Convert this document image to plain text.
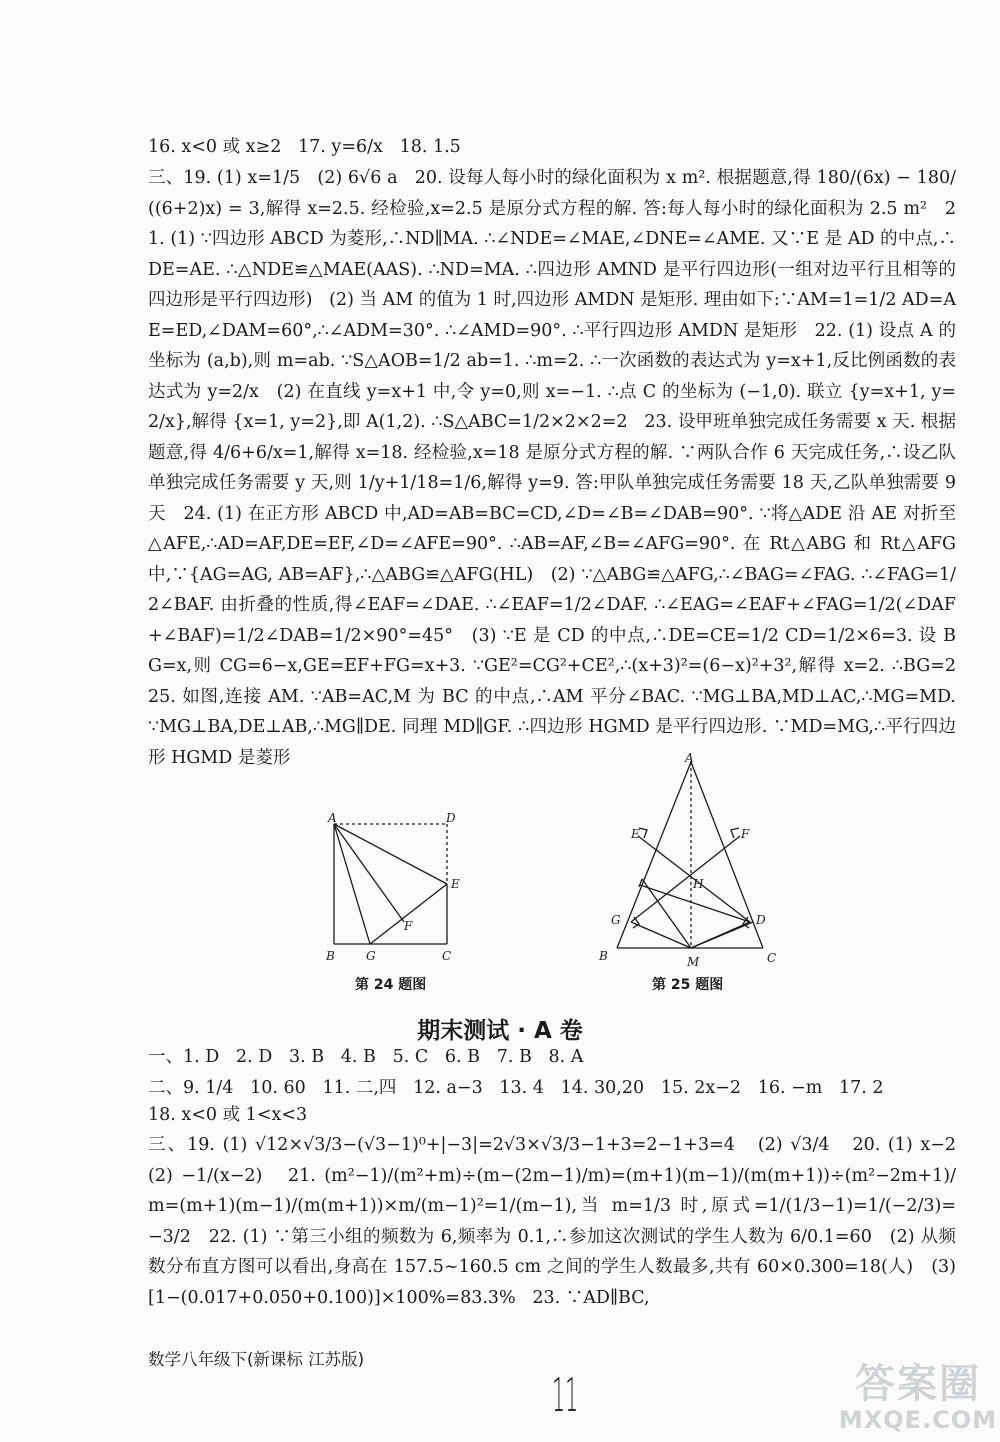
16. x<0 或 x≥2   17. y=6/x   18. 1.5

三、19. (1) x=1/5   (2) 6√6 a   20. 设每人每小时的绿化面积为 x m². 根据题意,得 180/(6x) − 180/((6+2)x) = 3,解得 x=2.5. 经检验,x=2.5 是原分式方程的解. 答:每人每小时的绿化面积为 2.5 m²   21. (1) ∵四边形 ABCD 为菱形,∴ND∥MA. ∴∠NDE=∠MAE,∠DNE=∠AME. 又∵E 是 AD 的中点,∴DE=AE. ∴△NDE≌△MAE(AAS). ∴ND=MA. ∴四边形 AMND 是平行四边形(一组对边平行且相等的四边形是平行四边形)   (2) 当 AM 的值为 1 时,四边形 AMDN 是矩形. 理由如下:∵AM=1=1/2 AD=AE=ED,∠DAM=60°,∴∠ADM=30°. ∴∠AMD=90°. ∴平行四边形 AMDN 是矩形   22. (1) 设点 A 的坐标为 (a,b),则 m=ab. ∵S△AOB=1/2 ab=1. ∴m=2. ∴一次函数的表达式为 y=x+1,反比例函数的表达式为 y=2/x   (2) 在直线 y=x+1 中,令 y=0,则 x=−1. ∴点 C 的坐标为 (−1,0). 联立 {y=x+1, y=2/x},解得 {x=1, y=2},即 A(1,2). ∴S△ABC=1/2×2×2=2   23. 设甲班单独完成任务需要 x 天. 根据题意,得 4/6+6/x=1,解得 x=18. 经检验,x=18 是原分式方程的解. ∵两队合作 6 天完成任务,∴设乙队单独完成任务需要 y 天,则 1/y+1/18=1/6,解得 y=9. 答:甲队单独完成任务需要 18 天,乙队单独需要 9 天   24. (1) 在正方形 ABCD 中,AD=AB=BC=CD,∠D=∠B=∠DAB=90°. ∵将△ADE 沿 AE 对折至△AFE,∴AD=AF,DE=EF,∠D=∠AFE=90°. ∴AB=AF,∠B=∠AFG=90°. 在 Rt△ABG 和 Rt△AFG 中,∵{AG=AG, AB=AF},∴△ABG≌△AFG(HL)   (2) ∵△ABG≌△AFG,∴∠BAG=∠FAG. ∴∠FAG=1/2∠BAF. 由折叠的性质,得∠EAF=∠DAE. ∴∠EAF=1/2∠DAF. ∴∠EAG=∠EAF+∠FAG=1/2(∠DAF+∠BAF)=1/2∠DAB=1/2×90°=45°   (3) ∵E 是 CD 的中点,∴DE=CE=1/2 CD=1/2×6=3. 设 BG=x,则 CG=6−x,GE=EF+FG=x+3. ∵GE²=CG²+CE²,∴(x+3)²=(6−x)²+3²,解得 x=2. ∴BG=2   25. 如图,连接 AM. ∵AB=AC,M 为 BC 的中点,∴AM 平分∠BAC. ∵MG⊥BA,MD⊥AC,∴MG=MD. ∵MG⊥BA,DE⊥AB,∴MG∥DE. 同理 MD∥GF. ∴四边形 HGMD 是平行四边形. ∵MD=MG,∴平行四边形 HGMD 是菱形

A	D
E
F
B	G	C
第 24 题图
A
E	F
H
G	D
B	M	C
第 25 题图
期末测试 · A 卷

一、1. D   2. D   3. B   4. B   5. C   6. B   7. B   8. A

二、9. 1/4   10. 60   11. 二,四   12. a−3   13. 4   14. 30,20   15. 2x−2   16. −m   17. 2

18. x<0 或 1<x<3

三、19. (1) √12×√3/3−(√3−1)⁰+|−3|=2√3×√3/3−1+3=2−1+3=4   (2) √3/4   20. (1) x−2   (2) −1/(x−2)   21. (m²−1)/(m²+m)÷(m−(2m−1)/m)=(m+1)(m−1)/(m(m+1))÷(m²−2m+1)/m=(m+1)(m−1)/(m(m+1))×m/(m−1)²=1/(m−1),当 m=1/3 时,原式=1/(1/3−1)=1/(−2/3)=−3/2   22. (1) ∵第三小组的频数为 6,频率为 0.1,∴参加这次测试的学生人数为 6/0.1=60   (2) 从频数分布直方图可以看出,身高在 157.5~160.5 cm 之间的学生人数最多,共有 60×0.300=18(人)   (3) [1−(0.017+0.050+0.100)]×100%=83.3%   23. ∵AD∥BC,

数学八年级下(新课标 江苏版)
11	答案圈
MXQE.COM
